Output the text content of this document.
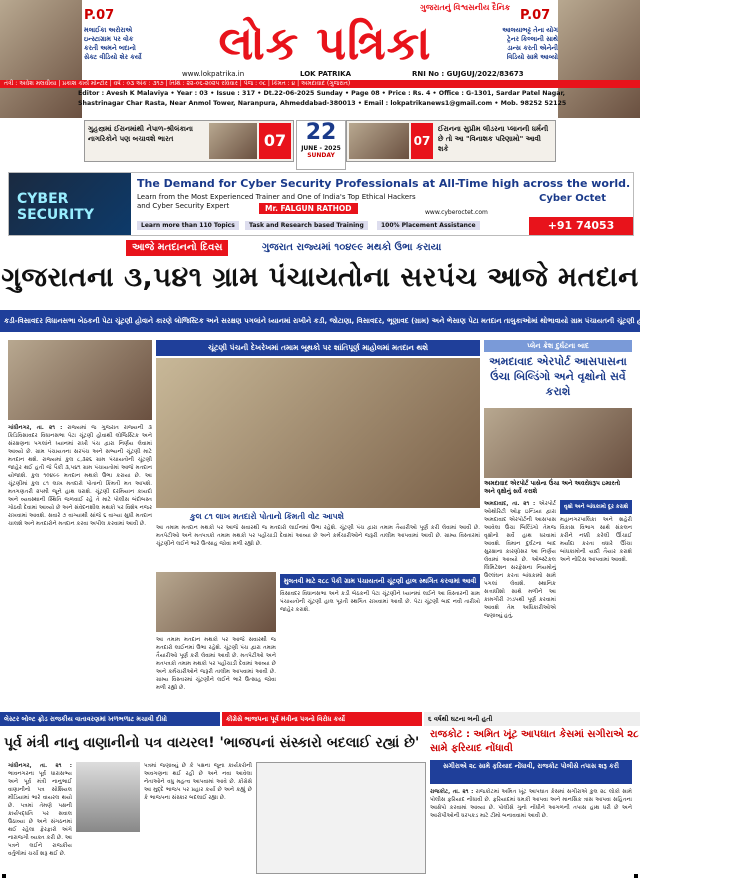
P.07	P.07
મલાઈકા અરોરાએ
ઇન્સ્ટાગ્રામ પર વોક
કરતી અમને બદાનો
સેક્ટ વીડિયો શેર કર્યો
આલયાભટ્ટ તેના યોગ
ટ્રેનર કિલ્લાની સાથે
ડાન્સ કરતી એનેની
વિડિયો સામે આવ્યો
ગુજરાતનું વિશ્વસનીય દૈનિક
લોક પત્રિકા
www.lokpatrika.in	LOK PATRIKA	RNI No : GUJGUJ/2022/83673
તંત્રી : અવેશ મલવીયા | પ્રકાશ કાર્ય મોન્ટોર | વર્ષ : ૦૩ અંક : ૩૧૭ | તિથિ : ૨૨-૦૬-૨૦૨૫ રવિવાર | પેજ : ૦૮ | કિંમત : ૪ | અમદાવાદ (ગુજરાત)
Editor : Avesh K Malaviya • Year : 03 • Issue : 317 • Dt.22-06-2025 Sunday • Page 08 • Price : Rs. 4 • Office : G-1301, Sardar Patel Nagar,
Shastrinagar Char Rasta, Near Anmol Tower, Naranpura, Ahmeddabad-380013 • Email : lokpatrikanews1@gmail.com • Mob. 98252 52125
07
ગુહસ્ત્રમાં ઈરાનમાંથી નેપાળ-શ્રીલંકાના નાગરિકોને પણ બચાવશે ભારત	22
JUNE - 2025
SUNDAY
07
ઈરાનના સુપ્રીમ લીડરના પ્લાનની ધર્મની છે તો આ "વિનાશક પરિણામો" આવી શકે
CYBER SECURITY
The Demand for Cyber Security Professionals at All-Time high across the world.
Learn from the Most Experienced Trainer and One of India's Top Ethical Hackers
and Cyber Security Expert	Mr. FALGUN RATHOD
Learn more than 110 Topics	Task and Research based Training	100% Placement Assistance
www.cyberoctet.com
Cyber Octet
+91 74053 21234
આજે મતદાનનો દિવસ	ગુજરાત રાજ્યમાં ૧૦૪૯૯ મથકો ઉભા કરાયા
ગુજરાતના ૩,૫૪૧ ગ્રામ પંચાયતોના સરપંચ આજે મતદાન
કડી-વિસાવદર વિધાનસભા બેઠકની પેટા ચૂંટણી હોવાને કારણે લોજિસ્ટિક અને સરક્ષણ પગલાંને ધ્યાનમાં રાખીને કડી, જોટાણા, વિસાવદર, ભૂણાવદ (ગ્રામ) અને ભેસાણ પેટા મતદાન તાલુકાઓમાં થોભાવાયો ગ્રામ પંચાયતની ચૂંટણી હાલ પૂરતી સ્થગિત રાખવામાં આવી
ગાંધીનગર, તા. ૨૧ : રાજ્યમાં જ ગુજરાત રાજ્યની ૩ કિડિવિસાવદર વિધાનસભા પેટા ચૂંટણી હોવાથી લોજિસ્ટિક અને સંરક્ષણના પગલાંને ધ્યાનમાં રાખી પંચ દ્વારા નિર્ણય લેવામાં આવ્યો છે. ગ્રામ પંચાયતના સરપંચ અને સભ્યની ચૂંટણી માટે મતદાન થશે. રાજ્યમાં કુલ ૮,૩૨૬ ગ્રામ પંચાયતોની ચૂંટણી જાહેર થઈ હતી જે પૈકી ૩,૫૪૧ ગ્રામ પંચાયતોમાં આજે મતદાન યોજાશે. કુલ ૧૦૪૯૯ મતદાન મથકો ઉભા કરાયા છે. આ ચૂંટણીમાં કુલ ૮૧ લાખ મતદારો પોતાનો કિંમતી મત આપશે. મતગણતરી ૨૫મી જૂને હાથ ધરાશે. ચૂંટણી દરમિયાન કાયદો અને વ્યવસ્થાની સ્થિતિ જળવાઈ રહે તે માટે પોલીસ બંદોબસ્ત ગોઠવી દેવામાં આવ્યો છે અને સંવેદનશીલ મથકો પર વિશેષ નજર રાખવામાં આવશે. સવારે ૭ વાગ્યાથી સાંજે ૬ વાગ્યા સુધી મતદાન ચાલશે અને મતદારોને મતદાન કરવા અપીલ કરવામાં આવી છે.
ચૂંટણી પંચની દેખરેખમાં તમામ બૂથકો પર શાંતિપૂર્ણ માહોલમાં મતદાન થશે
કુલ ૮૧ લાખ મતદારો પોતાનો કિંમતી વોટ આપશે
આ તમામ મતદાન મથકો પર આજે સવારથી જ મતદારો લાઈનમાં ઉભા રહેશે. ચૂંટણી પંચ દ્વારા તમામ તૈયારીઓ પૂર્ણ કરી લેવામાં આવી છે. મતપેટીઓ અને મતપત્રકો તમામ મથકો પર પહોંચાડી દેવામાં આવ્યા છે અને કર્મચારીઓને જરૂરી તાલીમ આપવામાં આવી છે. ગ્રામ્ય વિસ્તારમાં ચૂંટણીને લઈને ભારે ઉત્સાહ જોવા મળી રહ્યો છે.
મુલતવી માટે ૨૮૮ પૈકી ગ્રામ પંચાયતની ચૂંટણી હાલ સ્થગિત કરવામાં આવી
વિસાવદર વિધાનસભા અને કડી બેઠકની પેટા ચૂંટણીને ધ્યાનમાં લઈને આ વિસ્તારની ગ્રામ પંચાયતોની ચૂંટણી હાલ પૂરતી સ્થગિત રાખવામાં આવી છે. પેટા ચૂંટણી બાદ નવી તારીખો જાહેર કરાશે.
આ તમામ મતદાન મથકો પર આજે સવારથી જ મતદારો લાઈનમાં ઉભા રહેશે. ચૂંટણી પંચ દ્વારા તમામ તૈયારીઓ પૂર્ણ કરી લેવામાં આવી છે. મતપેટીઓ અને મતપત્રકો તમામ મથકો પર પહોંચાડી દેવામાં આવ્યા છે અને કર્મચારીઓને જરૂરી તાલીમ આપવામાં આવી છે. ગ્રામ્ય વિસ્તારમાં ચૂંટણીને લઈને ભારે ઉત્સાહ જોવા મળી રહ્યો છે.
પ્લેન ક્રેશ દુર્ઘટના બાદ
અમદાવાદ એરપોર્ટ આસપાસના ઉંચા બિલ્ડિંગો અને વૃક્ષોનો સર્વે કરાશે
અમદાવાદ એરપોર્ટ પાસેના ઉંચા અને અવરોધરૂપ ઇમારતો અને વૃક્ષોનું સર્વે કરાશે
અમદાવાદ, તા. ૨૧ : એરપોર્ટ ઓથોરિટી ઓફ ઇન્ડિયા દ્વારા અમદાવાદ એરપોર્ટની આસપાસ આવેલા ઉંચા બિલ્ડિંગો તેમજ વૃક્ષોનો સર્વે હાથ ધરવામાં આવશે. વિમાન દુર્ઘટના બાદ સુરક્ષાના કારણોસર આ નિર્ણય લેવામાં આવ્યો છે. ઓબ્સ્ટેકલ લિમિટેશન સરફેસના નિયમોનું ઉલ્લંઘન કરતા બાંધકામો સામે પગલાં લેવાશે. સ્થાનિક સત્તાધીશો સાથે મળીને આ કામગીરી ઝડપથી પૂર્ણ કરવામાં આવશે તેમ અધિકારીઓએ જણાવ્યું હતું.
વૃક્ષો અને બાંધકામો દૂર કરાશે
મહાનગરપાલિકા અને શહેરી વિકાસ વિભાગ સાથે સંકલન કરીને નક્કી કરેલી ઊંચાઈ મર્યાદા કરતા વધારે ઊંચા બાંધકામોની યાદી તૈયાર કરાશે અને નોટિસ આપવામાં આવશે.
લેસ્ટર બોલ્ટ ફ્રોડ રાજકીય વાતાવરણમાં ખળભળાટ મચાવી દીધો	કોંગ્રેસે ભાજપના પૂર્વ મંત્રીના પત્રનો વિરોધ કર્યો	૬ વર્ષથી ઘટના બની હતી
પૂર્વ મંત્રી નાનુ વાણાનીનો પત્ર વાયરલ! 'ભાજપનાં સંસ્કારો બદલાઈ રહ્યાં છે'
રાજકોટ : અમિત ખૂંટ આપઘાત કેસમાં સગીરાએ ૨૮ સામે ફરિયાદ નોંધાવી
ગાંધીનગર, તા. ૨૧ : ભાવનગરના પૂર્વ ધારાસભ્ય અને પૂર્વ મંત્રી નાનુભાઈ વાણાનીનો પત્ર સોશિયલ મીડિયામાં ભારે વાયરલ થયો છે. પત્રમાં તેમણે પક્ષની કાર્યપદ્ધતિ પર સવાલ ઉઠાવ્યા છે અને સંગઠનમાં થઈ રહેલા ફેરફારો અંગે નારાજગી વ્યક્ત કરી છે. આ પત્રને લઈને રાજકીય વર્તુળોમાં ચર્ચા શરૂ થઈ છે.
પત્રમાં જણાવ્યું છે કે પક્ષના જૂના કાર્યકરોની અવગણના થઈ રહી છે અને નવા આવેલા નેતાઓને વધુ મહત્વ આપવામાં આવે છે. કોંગ્રેસે આ મુદ્દે ભાજપ પર પ્રહાર કર્યા છે અને કહ્યું છે કે ભાજપના સંસ્કાર બદલાઈ રહ્યા છે.
સગીરાએ ૨૮ સામે ફરિયાદ નોંધાવી, રાજકોટ પોલીસે તપાસ શરૂ કરી
રાજકોટ, તા. ૨૧ : રાજકોટમાં અમિત ખૂંટ આપઘાત કેસમાં સગીરાએ કુલ ૨૮ લોકો સામે પોલીસ ફરિયાદ નોંધાવી છે. ફરિયાદમાં ધમકી આપવા અને માનસિક ત્રાસ આપવા સહિતના આક્ષેપો કરવામાં આવ્યા છે. પોલીસે ગુનો નોંધીને આગળની તપાસ હાથ ધરી છે અને આરોપીઓની ધરપકડ માટે ટીમો બનાવવામાં આવી છે.
